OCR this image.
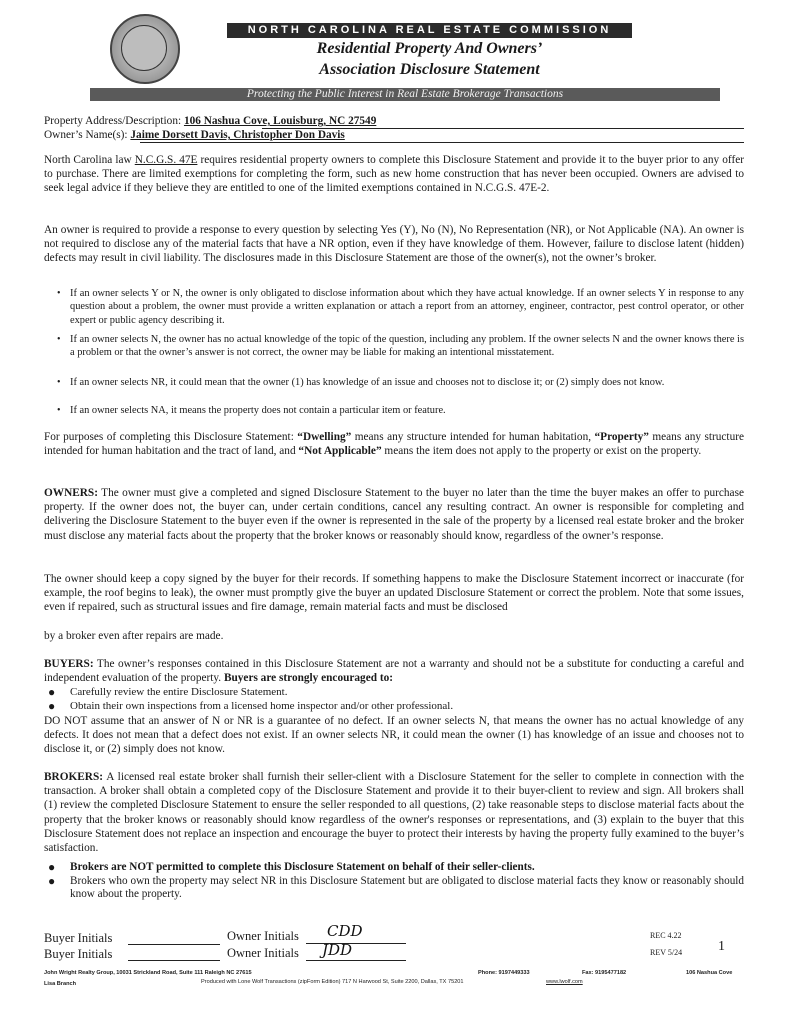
NORTH CAROLINA REAL ESTATE COMMISSION
Residential Property And Owners’
Association Disclosure Statement
Protecting the Public Interest in Real Estate Brokerage Transactions
Property Address/Description: 106 Nashua Cove, Louisburg, NC 27549
Owner’s Name(s): Jaime Dorsett Davis, Christopher Don Davis
North Carolina law N.C.G.S. 47E requires residential property owners to complete this Disclosure Statement and provide it to the buyer prior to any offer to purchase. There are limited exemptions for completing the form, such as new home construction that has never been occupied. Owners are advised to seek legal advice if they believe they are entitled to one of the limited exemptions contained in N.C.G.S. 47E-2.
An owner is required to provide a response to every question by selecting Yes (Y), No (N), No Representation (NR), or Not Applicable (NA). An owner is not required to disclose any of the material facts that have a NR option, even if they have knowledge of them. However, failure to disclose latent (hidden) defects may result in civil liability. The disclosures made in this Disclosure Statement are those of the owner(s), not the owner’s broker.
• If an owner selects Y or N, the owner is only obligated to disclose information about which they have actual knowledge. If an owner selects Y in response to any question about a problem, the owner must provide a written explanation or attach a report from an attorney, engineer, contractor, pest control operator, or other expert or public agency describing it.
• If an owner selects N, the owner has no actual knowledge of the topic of the question, including any problem. If the owner selects N and the owner knows there is a problem or that the owner’s answer is not correct, the owner may be liable for making an intentional misstatement.
• If an owner selects NR, it could mean that the owner (1) has knowledge of an issue and chooses not to disclose it; or (2) simply does not know.
• If an owner selects NA, it means the property does not contain a particular item or feature.
For purposes of completing this Disclosure Statement: “Dwelling” means any structure intended for human habitation, “Property” means any structure intended for human habitation and the tract of land, and “Not Applicable” means the item does not apply to the property or exist on the property.
OWNERS: The owner must give a completed and signed Disclosure Statement to the buyer no later than the time the buyer makes an offer to purchase property. If the owner does not, the buyer can, under certain conditions, cancel any resulting contract. An owner is responsible for completing and delivering the Disclosure Statement to the buyer even if the owner is represented in the sale of the property by a licensed real estate broker and the broker must disclose any material facts about the property that the broker knows or reasonably should know, regardless of the owner’s response.
The owner should keep a copy signed by the buyer for their records. If something happens to make the Disclosure Statement incorrect or inaccurate (for example, the roof begins to leak), the owner must promptly give the buyer an updated Disclosure Statement or correct the problem. Note that some issues, even if repaired, such as structural issues and fire damage, remain material facts and must be disclosed
by a broker even after repairs are made.
BUYERS: The owner’s responses contained in this Disclosure Statement are not a warranty and should not be a substitute for conducting a careful and independent evaluation of the property. Buyers are strongly encouraged to:
● Carefully review the entire Disclosure Statement.
● Obtain their own inspections from a licensed home inspector and/or other professional.
DO NOT assume that an answer of N or NR is a guarantee of no defect. If an owner selects N, that means the owner has no actual knowledge of any defects. It does not mean that a defect does not exist. If an owner selects NR, it could mean the owner (1) has knowledge of an issue and chooses not to disclose it, or (2) simply does not know.
BROKERS: A licensed real estate broker shall furnish their seller-client with a Disclosure Statement for the seller to complete in connection with the transaction. A broker shall obtain a completed copy of the Disclosure Statement and provide it to their buyer-client to review and sign. All brokers shall (1) review the completed Disclosure Statement to ensure the seller responded to all questions, (2) take reasonable steps to disclose material facts about the property that the broker knows or reasonably should know regardless of the owner's responses or representations, and (3) explain to the buyer that this Disclosure Statement does not replace an inspection and encourage the buyer to protect their interests by having the property fully examined to the buyer’s satisfaction.
● Brokers are NOT permitted to complete this Disclosure Statement on behalf of their seller-clients.
● Brokers who own the property may select NR in this Disclosure Statement but are obligated to disclose material facts they know or reasonably should know about the property.
Buyer Initials
Buyer Initials
Owner Initials CDD
Owner Initials JDD
REC 4.22
REV 5/24	1
John Wright Realty Group, 10031 Strickland Road, Suite 111 Raleigh NC 27615
Lisa Branch
Phone: 9197449333	Fax: 9195477182	106 Nashua Cove
Produced with Lone Wolf Transactions (zipForm Edition) 717 N Harwood St, Suite 2200, Dallas, TX 75201	www.lwolf.com
